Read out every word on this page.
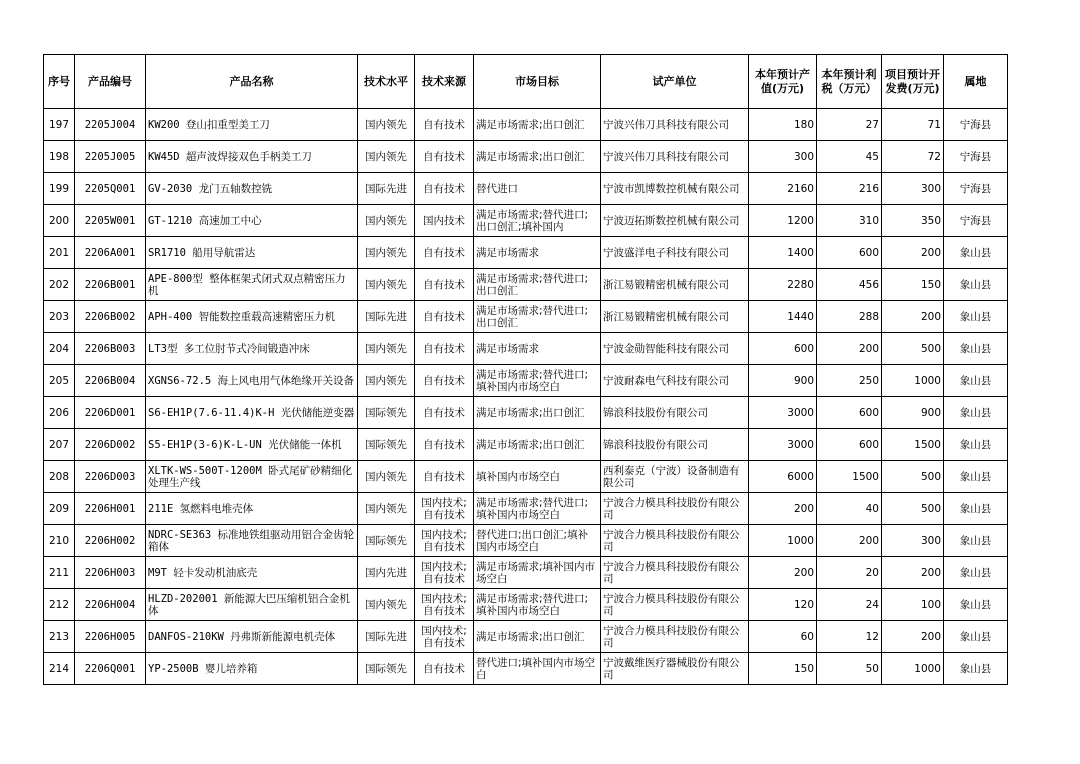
序号	产品编号	产品名称	技术水平	技术来源	市场目标	试产单位	本年预计产值(万元)	本年预计利税（万元）	项目预计开发费(万元)	属地
197	2205J004	KW200 登山扣重型美工刀	国内领先	自有技术	满足市场需求;出口创汇	宁波兴伟刀具科技有限公司	180	27	71	宁海县
198	2205J005	KW45D 超声波焊接双色手柄美工刀	国内领先	自有技术	满足市场需求;出口创汇	宁波兴伟刀具科技有限公司	300	45	72	宁海县
199	2205Q001	GV-2030 龙门五轴数控铣	国际先进	自有技术	替代进口	宁波市凯博数控机械有限公司	2160	216	300	宁海县
200	2205W001	GT-1210 高速加工中心	国内领先	国内技术	满足市场需求;替代进口;出口创汇;填补国内	宁波迈拓斯数控机械有限公司	1200	310	350	宁海县
201	2206A001	SR1710 船用导航雷达	国内领先	自有技术	满足市场需求	宁波盛洋电子科技有限公司	1400	600	200	象山县
202	2206B001	APE-800型 整体框架式闭式双点精密压力机	国内领先	自有技术	满足市场需求;替代进口;出口创汇	浙江易锻精密机械有限公司	2280	456	150	象山县
203	2206B002	APH-400 智能数控重载高速精密压力机	国际先进	自有技术	满足市场需求;替代进口;出口创汇	浙江易锻精密机械有限公司	1440	288	200	象山县
204	2206B003	LT3型 多工位肘节式冷间锻造冲床	国内领先	自有技术	满足市场需求	宁波金勋智能科技有限公司	600	200	500	象山县
205	2206B004	XGNS6-72.5 海上风电用气体绝缘开关设备	国内领先	自有技术	满足市场需求;替代进口;填补国内市场空白	宁波耐森电气科技有限公司	900	250	1000	象山县
206	2206D001	S6-EH1P(7.6-11.4)K-H 光伏储能逆变器	国际领先	自有技术	满足市场需求;出口创汇	锦浪科技股份有限公司	3000	600	900	象山县
207	2206D002	S5-EH1P(3-6)K-L-UN 光伏储能一体机	国际领先	自有技术	满足市场需求;出口创汇	锦浪科技股份有限公司	3000	600	1500	象山县
208	2206D003	XLTK-WS-500T-1200M 卧式尾矿砂精细化处理生产线	国内领先	自有技术	填补国内市场空白	西利泰克（宁波）设备制造有限公司	6000	1500	500	象山县
209	2206H001	211E 氢燃料电堆壳体	国内领先	国内技术;自有技术	满足市场需求;替代进口;填补国内市场空白	宁波合力模具科技股份有限公司	200	40	500	象山县
210	2206H002	NDRC-SE363 标准地铁组驱动用铝合金齿轮箱体	国际领先	国内技术;自有技术	替代进口;出口创汇;填补国内市场空白	宁波合力模具科技股份有限公司	1000	200	300	象山县
211	2206H003	M9T 轻卡发动机油底壳	国内先进	国内技术;自有技术	满足市场需求;填补国内市场空白	宁波合力模具科技股份有限公司	200	20	200	象山县
212	2206H004	HLZD-202001 新能源大巴压缩机铝合金机体	国内领先	国内技术;自有技术	满足市场需求;替代进口;填补国内市场空白	宁波合力模具科技股份有限公司	120	24	100	象山县
213	2206H005	DANFOS-210KW 丹弗斯新能源电机壳体	国际先进	国内技术;自有技术	满足市场需求;出口创汇	宁波合力模具科技股份有限公司	60	12	200	象山县
214	2206Q001	YP-2500B 婴儿培养箱	国际领先	自有技术	替代进口;填补国内市场空白	宁波戴维医疗器械股份有限公司	150	50	1000	象山县
